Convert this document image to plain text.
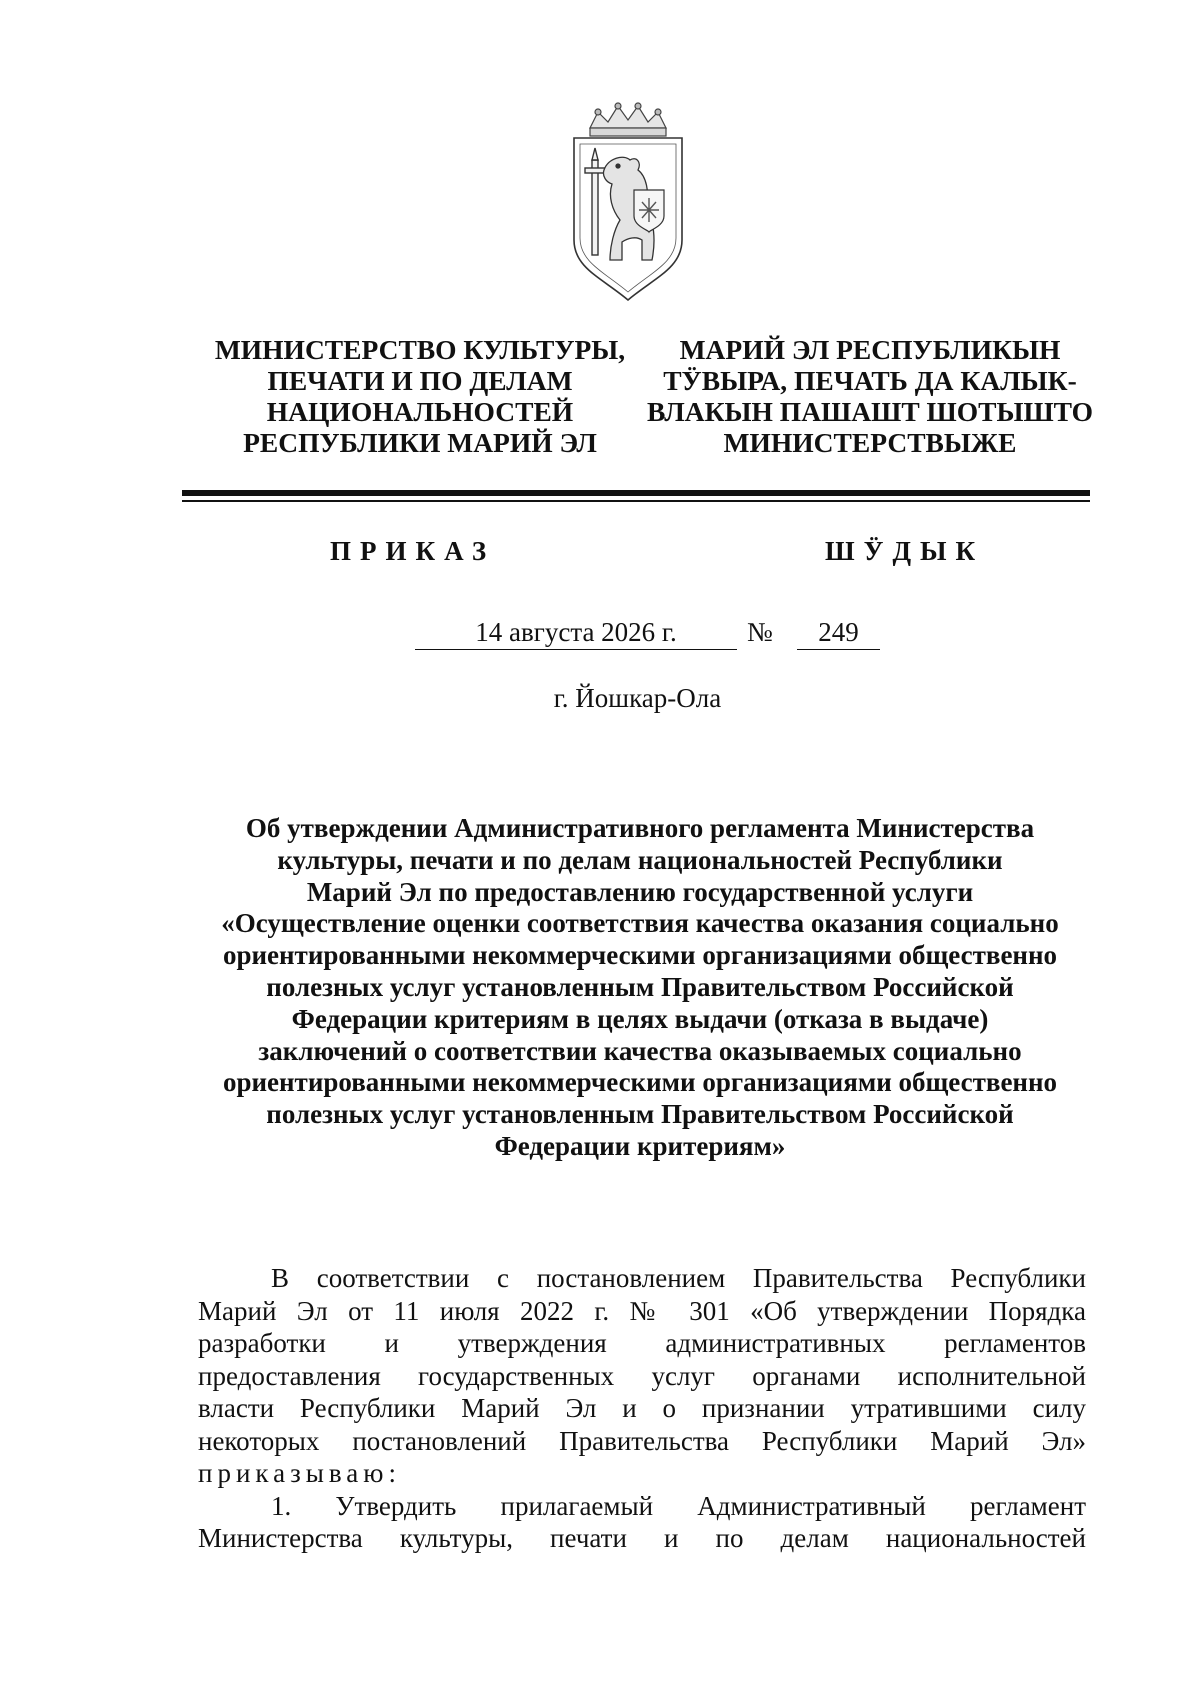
МИНИСТЕРСТВО КУЛЬТУРЫ,
ПЕЧАТИ И ПО ДЕЛАМ
НАЦИОНАЛЬНОСТЕЙ
РЕСПУБЛИКИ МАРИЙ ЭЛ
МАРИЙ ЭЛ РЕСПУБЛИКЫН
ТӰВЫРА, ПЕЧАТЬ ДА КАЛЫК-
ВЛАКЫН ПАШАШТ ШОТЫШТО
МИНИСТЕРСТВЫЖЕ
ПРИКАЗ	ШӰДЫК
14 августа 2026 г.	№	249
г. Йошкар-Ола
Об утверждении Административного регламента Министерства
культуры, печати и по делам национальностей Республики
Марий Эл по предоставлению государственной услуги
«Осуществление оценки соответствия качества оказания социально
ориентированными некоммерческими организациями общественно
полезных услуг установленным Правительством Российской
Федерации критериям в целях выдачи (отказа в выдаче)
заключений о соответствии качества оказываемых социально
ориентированными некоммерческими организациями общественно
полезных услуг установленным Правительством Российской
Федерации критериям»
В соответствии с постановлением Правительства Республики
Марий Эл от 11 июля 2022 г. № 301 «Об утверждении Порядка
разработки и утверждения административных регламентов
предоставления государственных услуг органами исполнительной
власти Республики Марий Эл и о признании утратившими силу
некоторых постановлений Правительства Республики Марий Эл»
приказываю:
1. Утвердить прилагаемый Административный регламент
Министерства культуры, печати и по делам национальностей
